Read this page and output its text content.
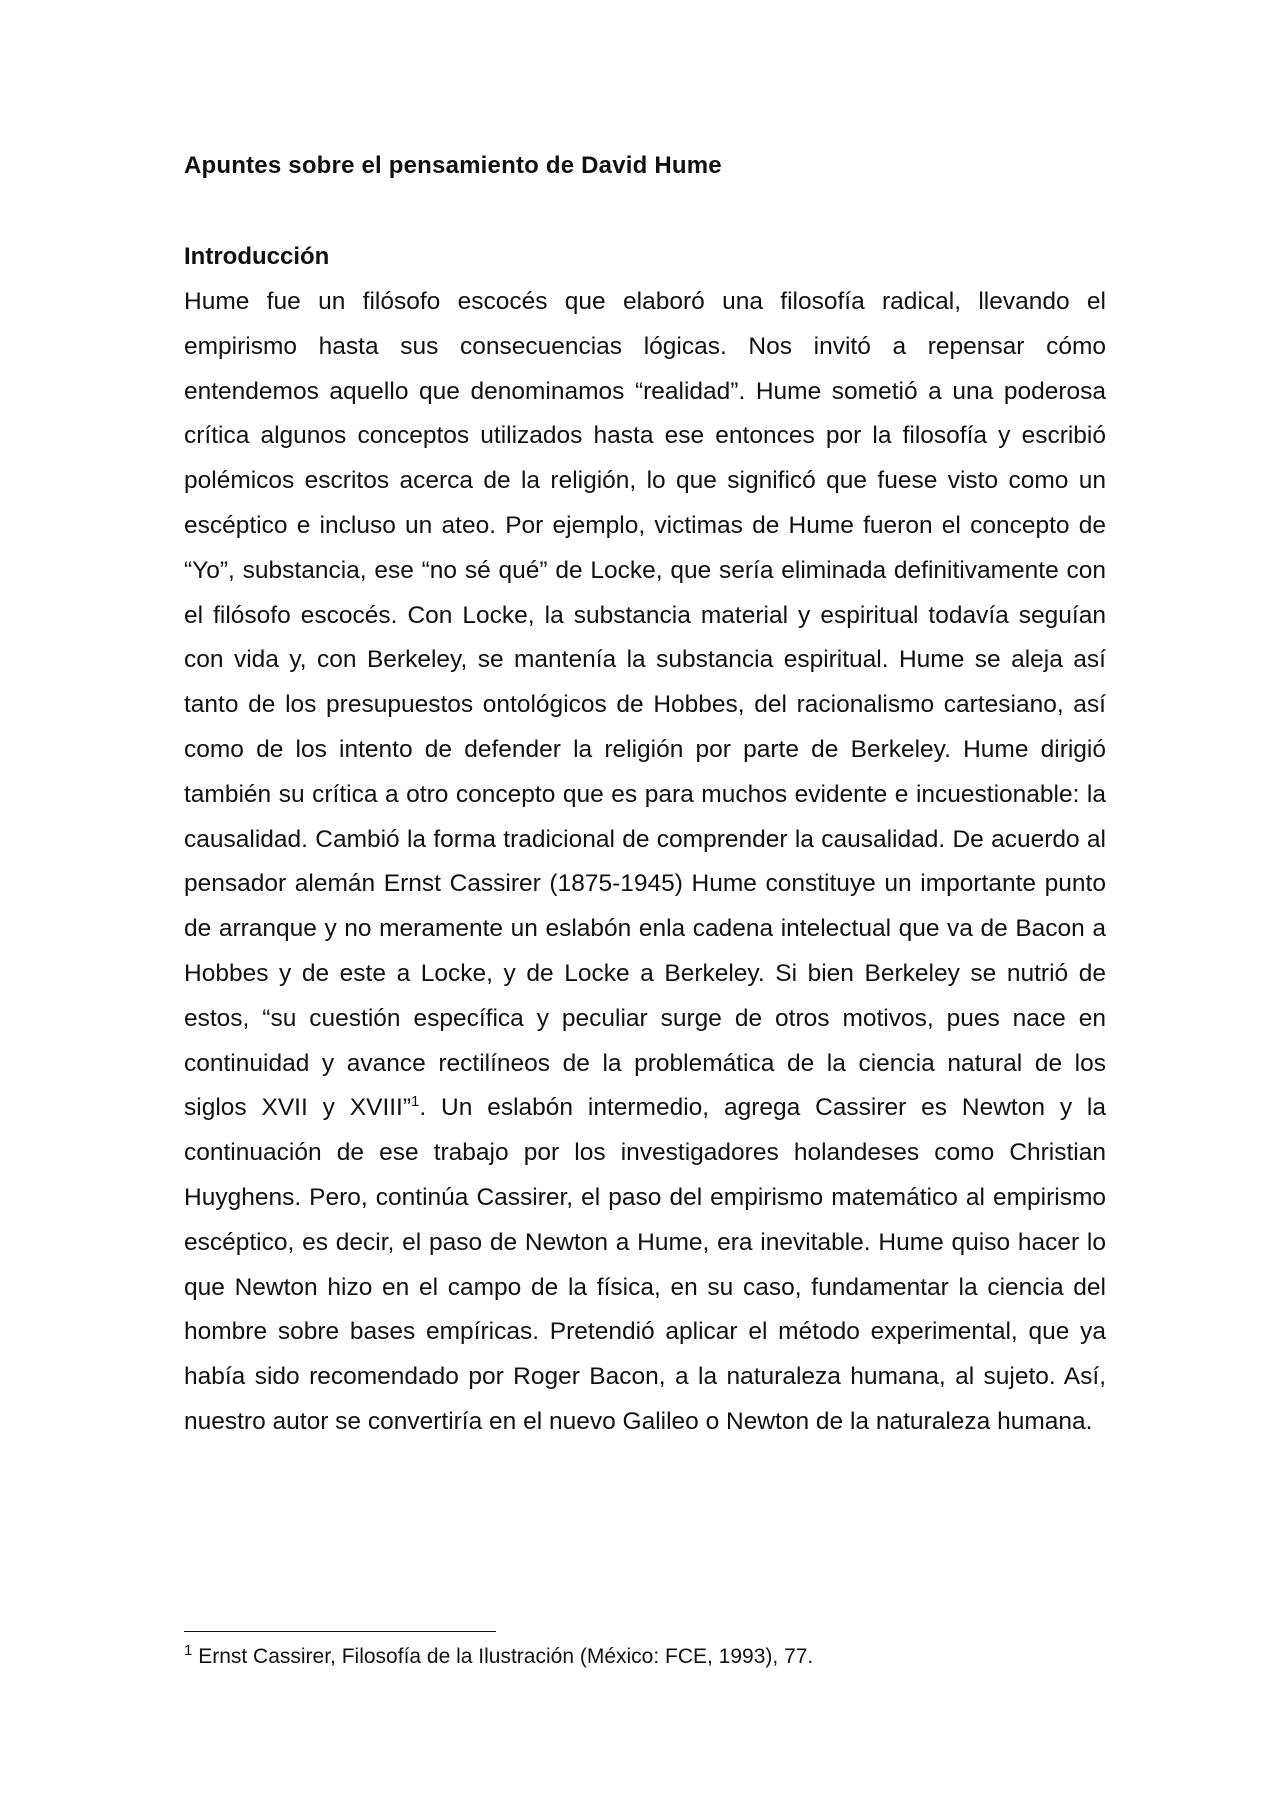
Apuntes sobre el pensamiento de David Hume
Introducción

Hume fue un filósofo escocés que elaboró una filosofía radical, llevando el empirismo hasta sus consecuencias lógicas. Nos invitó a repensar cómo entendemos aquello que denominamos “realidad”. Hume sometió a una poderosa crítica algunos conceptos utilizados hasta ese entonces por la filosofía y escribió polémicos escritos acerca de la religión, lo que significó que fuese visto como un escéptico e incluso un ateo. Por ejemplo, victimas de Hume fueron el concepto de “Yo”, substancia, ese “no sé qué” de Locke, que sería eliminada definitivamente con el filósofo escocés. Con Locke, la substancia material y espiritual todavía seguían con vida y, con Berkeley, se mantenía la substancia espiritual. Hume se aleja así tanto de los presupuestos ontológicos de Hobbes, del racionalismo cartesiano, así como de los intento de defender la religión por parte de Berkeley. Hume dirigió también su crítica a otro concepto que es para muchos evidente e incuestionable: la causalidad. Cambió la forma tradicional de comprender la causalidad. De acuerdo al pensador alemán Ernst Cassirer (1875-1945) Hume constituye un importante punto de arranque y no meramente un eslabón enla cadena intelectual que va de Bacon a Hobbes y de este a Locke, y de Locke a Berkeley. Si bien Berkeley se nutrió de estos, “su cuestión específica y peculiar surge de otros motivos, pues nace en continuidad y avance rectilíneos de la problemática de la ciencia natural de los siglos XVII y XVIII”$^1$. Un eslabón intermedio, agrega Cassirer es Newton y la continuación de ese trabajo por los investigadores holandeses como Christian Huyghens. Pero, continúa Cassirer, el paso del empirismo matemático al empirismo escéptico, es decir, el paso de Newton a Hume, era inevitable. Hume quiso hacer lo que Newton hizo en el campo de la física, en su caso, fundamentar la ciencia del hombre sobre bases empíricas. Pretendió aplicar el método experimental, que ya había sido recomendado por Roger Bacon, a la naturaleza humana, al sujeto. Así, nuestro autor se convertiría en el nuevo Galileo o Newton de la naturaleza humana.

$^1$ Ernst Cassirer, Filosofía de la Ilustración (México: FCE, 1993), 77.
